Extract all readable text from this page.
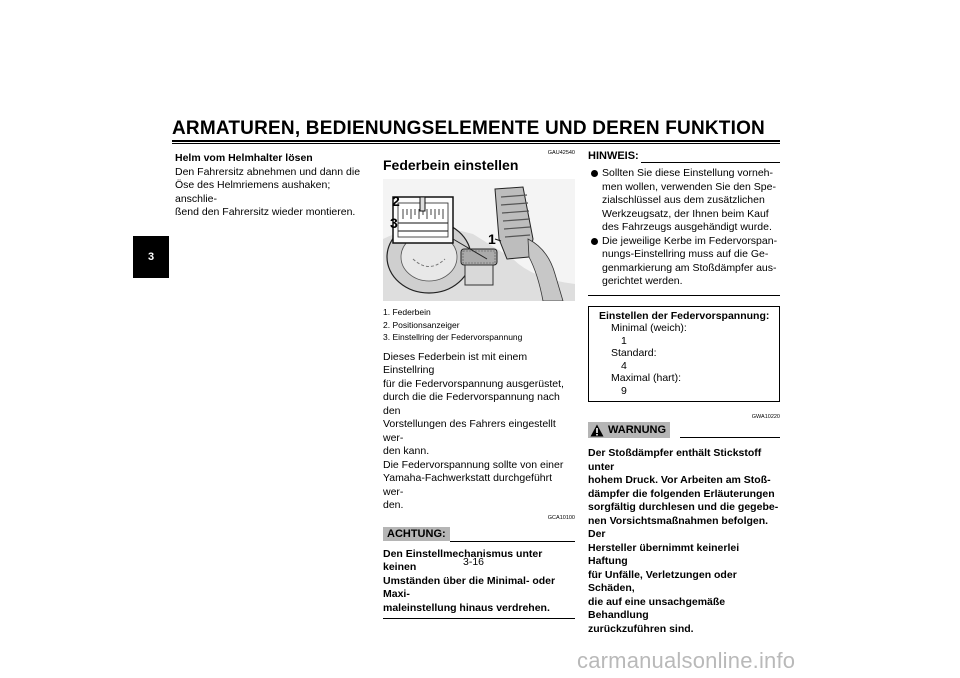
ARMATUREN, BEDIENUNGSELEMENTE UND DEREN FUNKTION
3
Helm vom Helmhalter lösen
Den Fahrersitz abnehmen und dann die
Öse des Helmriemens aushaken; anschlie-
ßend den Fahrersitz wieder montieren.
GAU42540
Federbein einstellen
2
3
1
1. Federbein
2. Positionsanzeiger
3. Einstellring der Federvorspannung
Dieses Federbein ist mit einem Einstellring
für die Federvorspannung ausgerüstet,
durch die die Federvorspannung nach den
Vorstellungen des Fahrers eingestellt wer-
den kann.
Die Federvorspannung sollte von einer
Yamaha-Fachwerkstatt durchgeführt wer-
den.
GCA10100
ACHTUNG:
Den Einstellmechanismus unter keinen
Umständen über die Minimal- oder Maxi-
maleinstellung hinaus verdrehen.
HINWEIS:
Sollten Sie diese Einstellung vorneh-
men wollen, verwenden Sie den Spe-
zialschlüssel aus dem zusätzlichen
Werkzeugsatz, der Ihnen beim Kauf
des Fahrzeugs ausgehändigt wurde.
Die jeweilige Kerbe im Federvorspan-
nungs-Einstellring muss auf die Ge-
genmarkierung am Stoßdämpfer aus-
gerichtet werden.
Einstellen der Federvorspannung:
Minimal (weich):
1
Standard:
4
Maximal (hart):
9
GWA10220
WARNUNG
Der Stoßdämpfer enthält Stickstoff unter
hohem Druck. Vor Arbeiten am Stoß-
dämpfer die folgenden Erläuterungen
sorgfältig durchlesen und die gegebe-
nen Vorsichtsmaßnahmen befolgen. Der
Hersteller übernimmt keinerlei Haftung
für Unfälle, Verletzungen oder Schäden,
die auf eine unsachgemäße Behandlung
zurückzuführen sind.
3-16
carmanualsonline.info
